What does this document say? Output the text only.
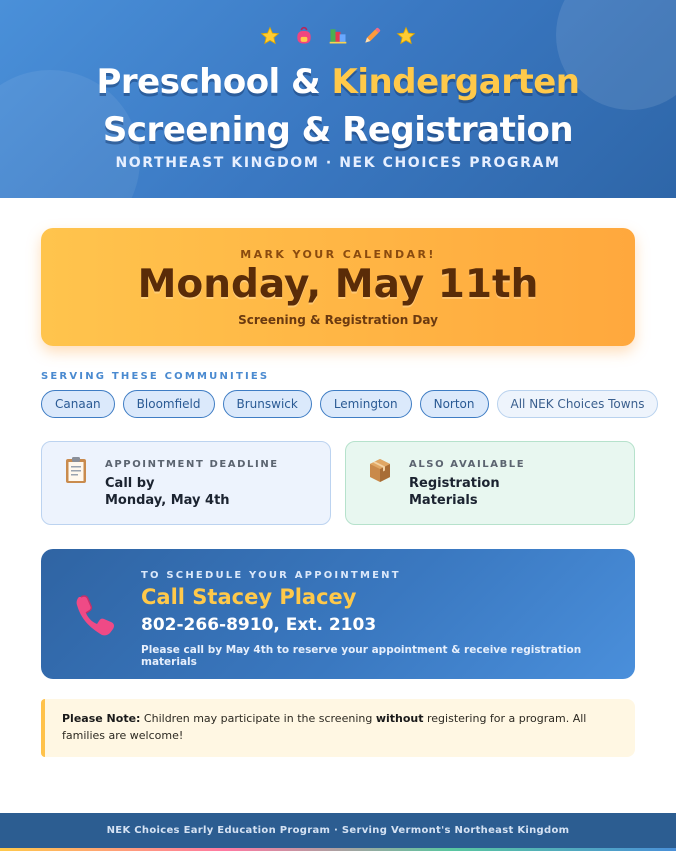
Preschool & Kindergarten
Screening & Registration
NORTHEAST KINGDOM · NEK CHOICES PROGRAM
MARK YOUR CALENDAR!
Monday, May 11th
Screening & Registration Day
SERVING THESE COMMUNITIES
Canaan	Bloomfield	Brunswick	Lemington	Norton	All NEK Choices Towns
APPOINTMENT DEADLINE
Call by
Monday, May 4th
ALSO AVAILABLE
Registration
Materials
TO SCHEDULE YOUR APPOINTMENT
Call Stacey Placey
802-266-8910, Ext. 2103
Please call by May 4th to reserve your appointment & receive registration materials
Please Note: Children may participate in the screening without registering for a program. All families are welcome!
NEK Choices Early Education Program · Serving Vermont's Northeast Kingdom
